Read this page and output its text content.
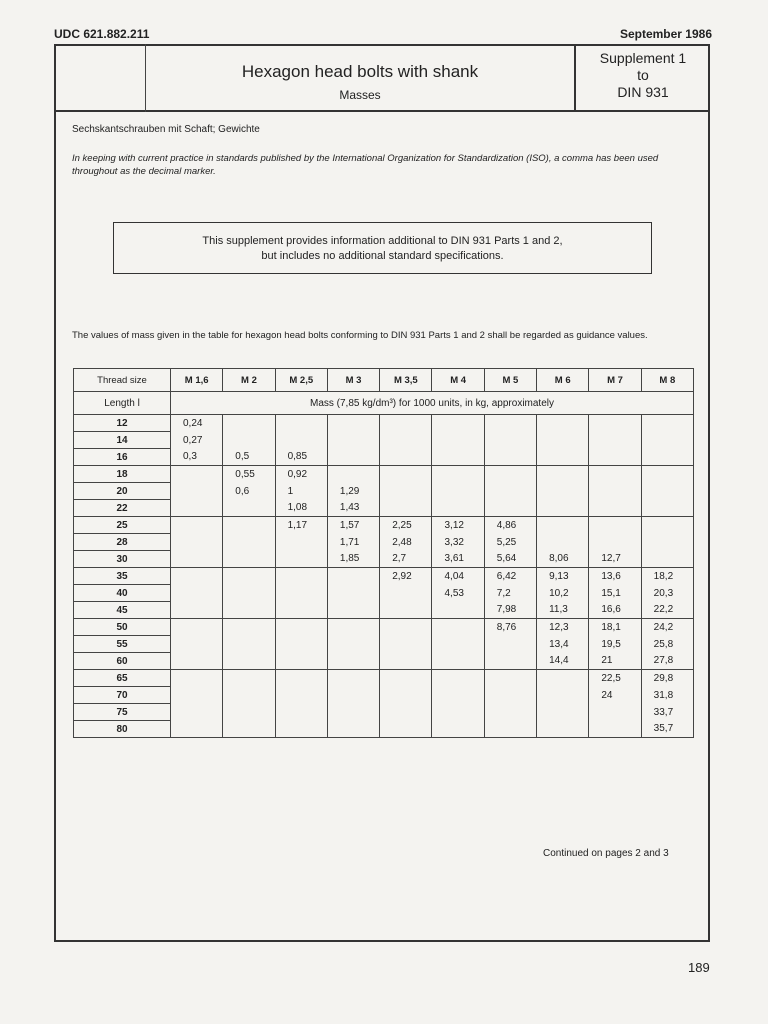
UDC 621.882.211	September 1986
Hexagon head bolts with shank
Masses
Supplement 1
to
DIN 931
Sechskantschrauben mit Schaft; Gewichte
In keeping with current practice in standards published by the International Organization for Standardization (ISO), a comma has been used throughout as the decimal marker.
This supplement provides information additional to DIN 931 Parts 1 and 2,
but includes no additional standard specifications.
The values of mass given in the table for hexagon head bolts conforming to DIN 931 Parts 1 and 2 shall be regarded as guidance values.
Thread size	M 1,6	M 2	M 2,5	M 3	M 3,5	M 4	M 5	M 6	M 7	M 8
Length l	Mass (7,85 kg/dm³) for 1000 units, in kg, approximately									
12	0,24									
14	0,27									
16	0,3	0,5	0,85							
18		0,55	0,92							
20		0,6	1	1,29						
22			1,08	1,43						
25			1,17	1,57	2,25	3,12	4,86			
28				1,71	2,48	3,32	5,25			
30				1,85	2,7	3,61	5,64	8,06	12,7	
35					2,92	4,04	6,42	9,13	13,6	18,2
40						4,53	7,2	10,2	15,1	20,3
45							7,98	11,3	16,6	22,2
50							8,76	12,3	18,1	24,2
55								13,4	19,5	25,8
60								14,4	21	27,8
65									22,5	29,8
70									24	31,8
75										33,7
80										35,7
Continued on pages 2 and 3
189
